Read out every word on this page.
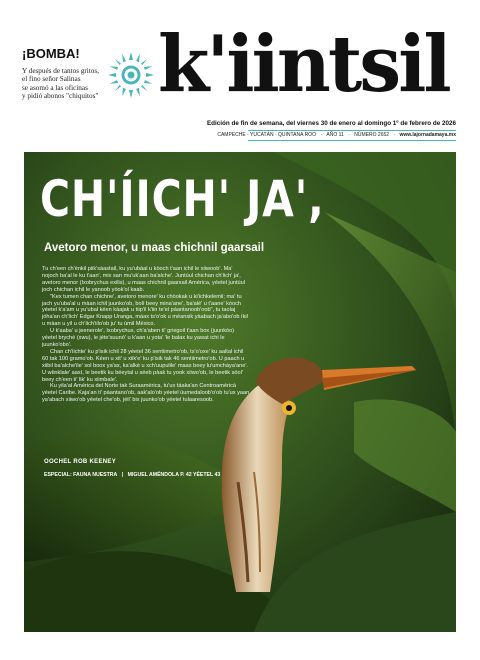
¡BOMBA!
Y después de tantos gritos,
el fino señor Salinas
se asomó a las oficinas
y pidió abonos "chiquitos" k'iintsil
Edición de fin de semana, del viernes 30 de enero al domingo 1º de febrero de 2026
CAMPECHE · YUCATÁN · QUINTANA ROO · AÑO 11 · NÚMERO 2652 · www.lajornadamaya.mx
CH'ÍICH' JA',
Avetoro menor, u maas chichnil gaarsail

Tu ch'een ch'ènkil piik'sàastail, ku yu'ubàal u kòoch t'aan ichil le xiiwoob'. Ma' nojoch ba'al le ku t'aan', mix san mu'uk'aan ba'alche'. Juntúul chichan ch'íich' ja', avetoro menor (Ixobrychus exilis), u maas chichnil gaarsail América, yéetel juntúul joch chichan ichil le yanoob yòok'ol kaab.

"Kex tumen chan chichne', avetoro menore' ku chòokak u ki'ichkelemil; ma' tu jach yu'uba'al u màan ichil juunko'ob, bolí beey mina'ane', ba'alé' u t'aane' kòoch yéetel k'a'am u yu'ubal kéen kàajak u tiip'il k'iin te'el páantanoob'oob", tu taolaj jóha'an ch'íich' Edgar Knapp Uranga, máax ts'o'ok u mèansik yàabach ja'abo'ob íkil u màan u yil u ch'íich'iilo'ob ju' tu ùmil México.

U k'aaba' u jeenerole', Ixobrychus, ch'a'aben ti' griegoil t'aan box (juunkòo) yéetel bryché (xwu), le jéte'suunó' u k'aan u yota' 'le balax ku yawat ichi le juunko'obo'.

Chan ch'íichte' ku p'isik ichil 28 yéetel 36 sentiimetro'ob, ts'o'oxe' ku aaltal ichil 60 tak 100 gramo'ob. Kéen u xit' u xiik'e' ku p'isik tak 46 sentiimetro'ob. U paach u xiibil ba'alche'ile' sol boox ya'ax, ka'alké u xch'uupulile' maas beey lu'umcháya'ane'. U wíinklale' aaxí, le beetik ku béeytal u séeb pàak tu yook xiiwo'ob, le beetik sóol' beey ch'een ti' lik' ku xiimbale'.

Ku yila'al América del Norte tak Suraamérica, tu'ux táaka'an Centroaméricá yéetel Caribe. Kaja'an ti' páantano'ob, aak'alo'ob yéetel úumedaloob'o'ob tu'ux yaan ya'abach xiiwo'ob yéetel che'ob, jéil' bix juunko'ob yéetel tulaaresoob.

OOCHEL ROB KEENEY
ESPECIAL: FAUNA NUESTRA | MIGUEL AMÉNDOLA P. 42 YÉETEL 43
